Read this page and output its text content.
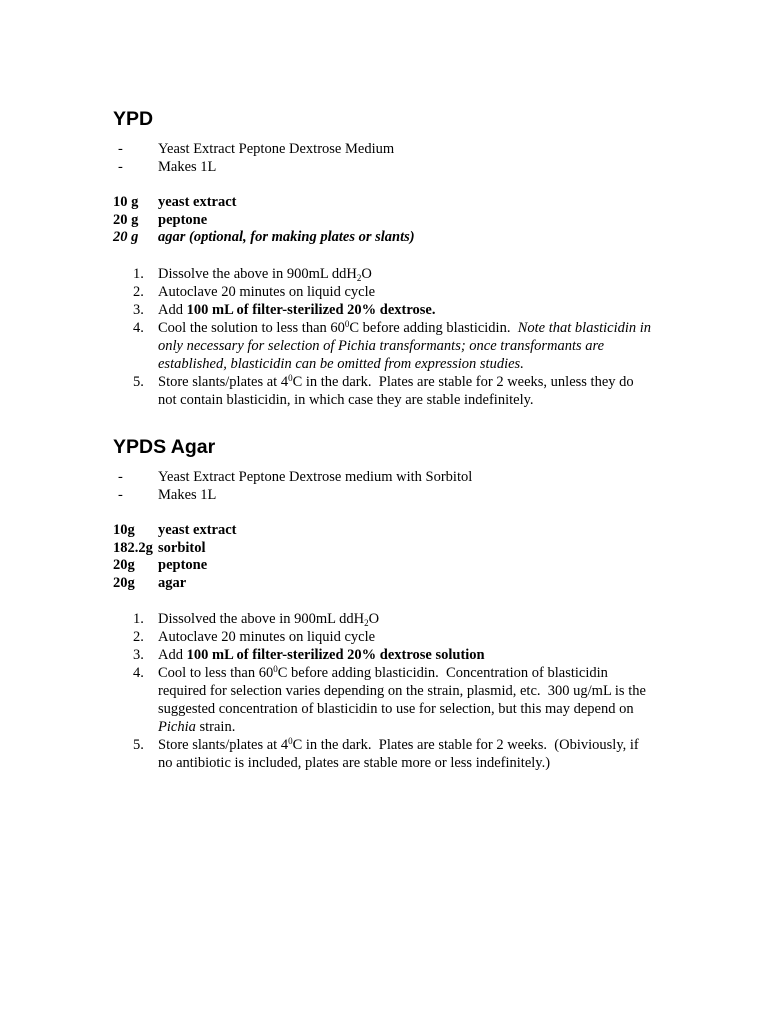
YPD
- Yeast Extract Peptone Dextrose Medium
- Makes 1L
10 g	yeast extract
20 g	peptone
20 g	agar (optional, for making plates or slants)
1. Dissolve the above in 900mL ddH$_2$O
2. Autoclave 20 minutes on liquid cycle
3. Add 100 mL of filter-sterilized 20% dextrose.
4. Cool the solution to less than $60^0C$ before adding blasticidin.  Note that blasticidin in only necessary for selection of Pichia transformants; once transformants are established, blasticidin can be omitted from expression studies.
5. Store slants/plates at $4^0C$ in the dark.  Plates are stable for 2 weeks, unless they do not contain blasticidin, in which case they are stable indefinitely.
YPDS Agar
- Yeast Extract Peptone Dextrose medium with Sorbitol
- Makes 1L
10g	yeast extract
182.2g sorbitol
20g	peptone
20g	agar
1. Dissolved the above in 900mL ddH$_2$O
2. Autoclave 20 minutes on liquid cycle
3. Add 100 mL of filter-sterilized 20% dextrose solution
4. Cool to less than $60^0C$ before adding blasticidin.  Concentration of blasticidin required for selection varies depending on the strain, plasmid, etc.  300 ug/mL is the suggested concentration of blasticidin to use for selection, but this may depend on Pichia strain.
5. Store slants/plates at $4^0C$ in the dark.  Plates are stable for 2 weeks.  (Obiviously, if no antibiotic is included, plates are stable more or less indefinitely.)
